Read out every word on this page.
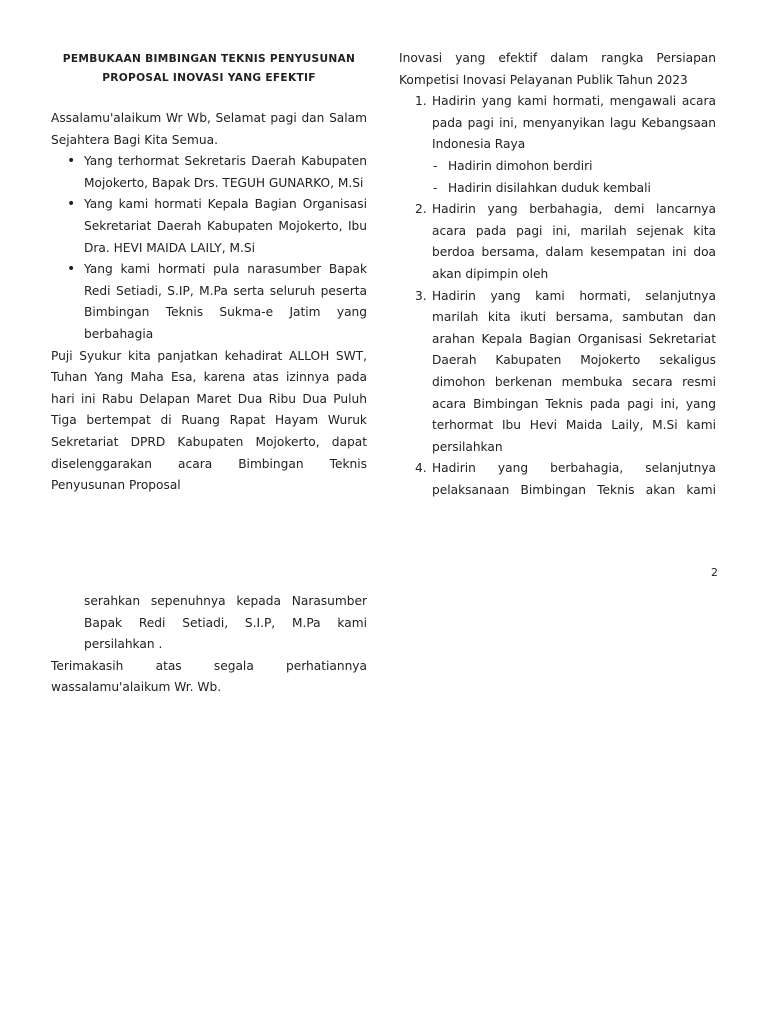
PEMBUKAAN BIMBINGAN TEKNIS PENYUSUNAN
PROPOSAL INOVASI YANG EFEKTIF

Assalamu'alaikum Wr Wb, Selamat pagi dan Salam Sejahtera Bagi Kita Semua.

• Yang terhormat Sekretaris Daerah Kabupaten Mojokerto, Bapak Drs. TEGUH GUNARKO, M.Si
• Yang kami hormati Kepala Bagian Organisasi Sekretariat Daerah Kabupaten Mojokerto, Ibu Dra. HEVI MAIDA LAILY, M.Si
• Yang kami hormati pula narasumber Bapak Redi Setiadi, S.IP, M.Pa serta seluruh peserta Bimbingan Teknis Sukma-e Jatim yang berbahagia

Puji Syukur kita panjatkan kehadirat ALLOH SWT, Tuhan Yang Maha Esa, karena atas izinnya pada hari ini Rabu Delapan Maret Dua Ribu Dua Puluh Tiga bertempat di Ruang Rapat Hayam Wuruk Sekretariat DPRD Kabupaten Mojokerto, dapat diselenggarakan acara Bimbingan Teknis Penyusunan Proposal

Inovasi yang efektif dalam rangka Persiapan Kompetisi Inovasi Pelayanan Publik Tahun 2023

1. Hadirin yang kami hormati, mengawali acara pada pagi ini, menyanyikan lagu Kebangsaan Indonesia Raya
- Hadirin dimohon berdiri
- Hadirin disilahkan duduk kembali
2. Hadirin yang berbahagia, demi lancarnya acara pada pagi ini, marilah sejenak kita berdoa bersama, dalam kesempatan ini doa akan dipimpin oleh
3. Hadirin yang kami hormati, selanjutnya marilah kita ikuti bersama, sambutan dan arahan Kepala Bagian Organisasi Sekretariat Daerah Kabupaten Mojokerto sekaligus
dimohon berkenan membuka secara resmi acara Bimbingan Teknis pada pagi ini, yang terhormat Ibu Hevi Maida Laily, M.Si kami persilahkan
4. Hadirin yang berbahagia, selanjutnya pelaksanaan Bimbingan Teknis akan kami
2

serahkan sepenuhnya kepada Narasumber Bapak Redi Setiadi, S.I.P, M.Pa kami persilahkan .

Terimakasih atas segala perhatiannya wassalamu'alaikum Wr. Wb.
